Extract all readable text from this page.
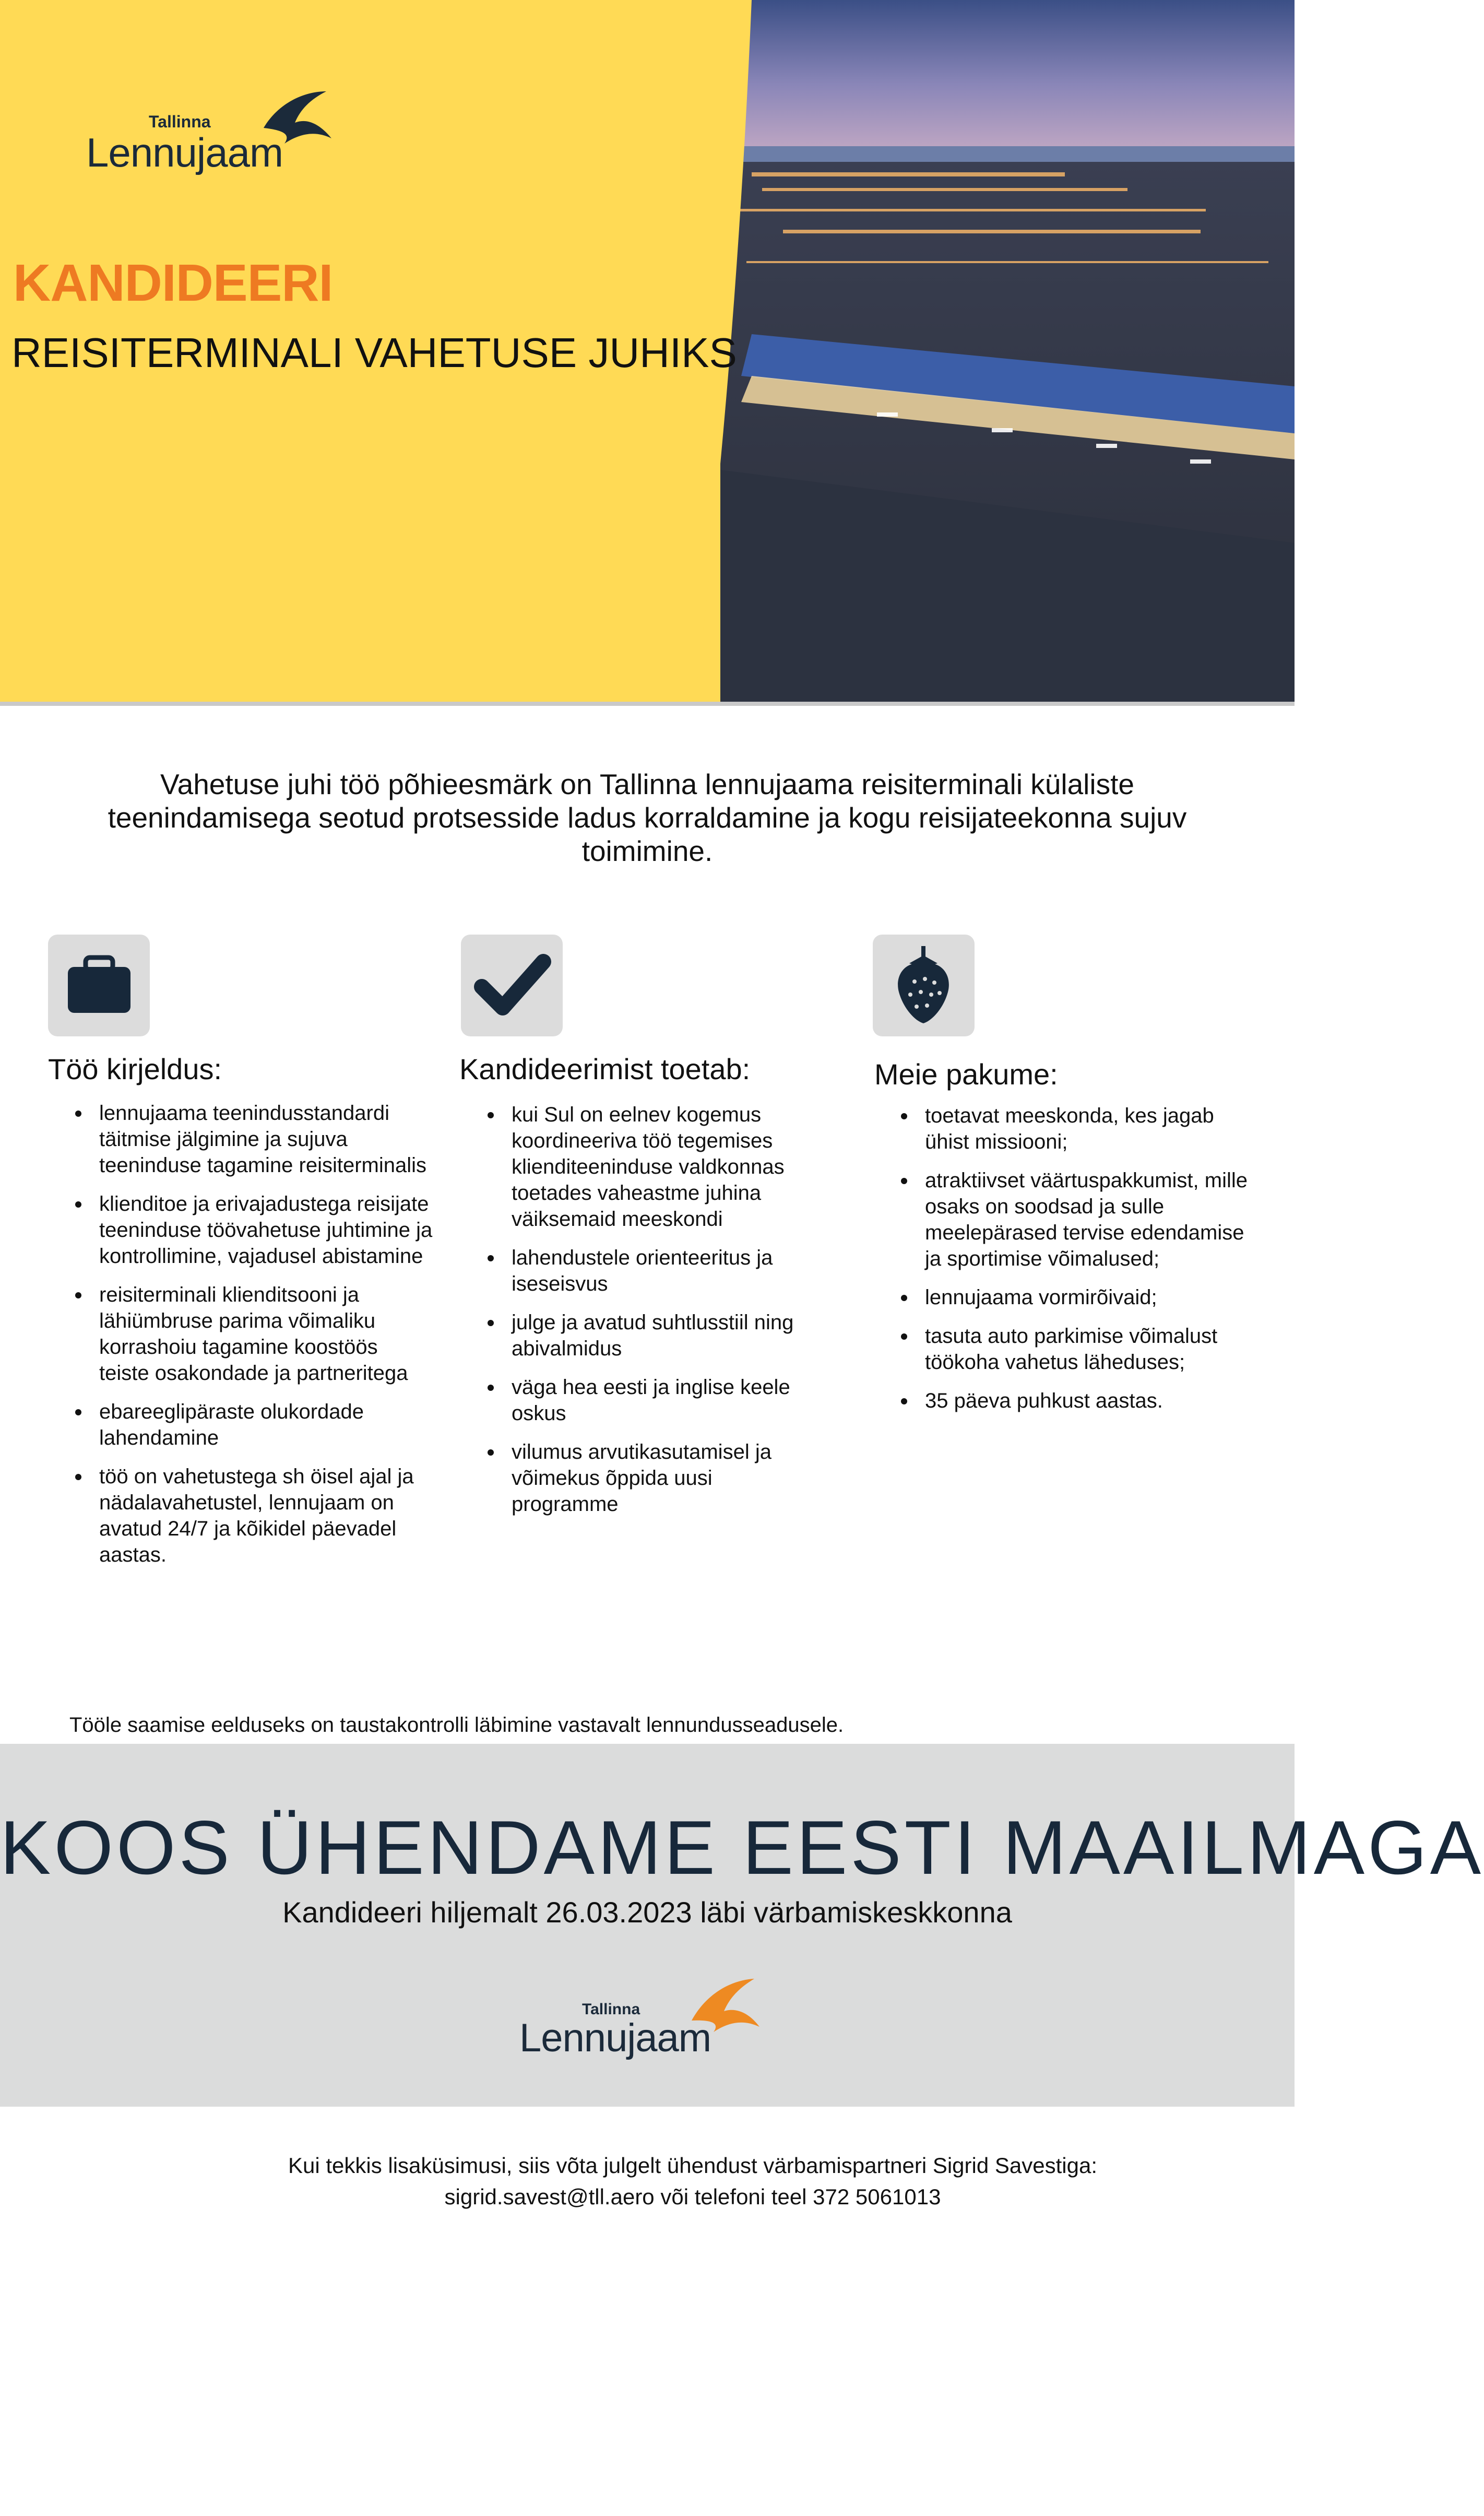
Tallinna
Lennujaam
KANDIDEERI
REISITERMINALI VAHETUSE JUHIKS
Vahetuse juhi töö põhieesmärk on Tallinna lennujaama reisiterminali külaliste teenindamisega seotud protsesside ladus korraldamine ja kogu reisijateekonna sujuv toimimine.
Töö kirjeldus:
lennujaama teenindusstandardi täitmise jälgimine ja sujuva teeninduse tagamine reisiterminalis
klienditoe ja erivajadustega reisijate teeninduse töövahetuse juhtimine ja kontrollimine, vajadusel abistamine
reisiterminali klienditsooni ja lähiümbruse parima võimaliku korrashoiu tagamine koostöös teiste osakondade ja partneritega
ebareeglipäraste olukordade lahendamine
töö on vahetustega sh öisel ajal ja nädalavahetustel, lennujaam on avatud 24/7 ja kõikidel päevadel aastas.
Kandideerimist toetab:
kui Sul on eelnev kogemus koordineeriva töö tegemises klienditeeninduse valdkonnas toetades vaheastme juhina väiksemaid meeskondi
lahendustele orienteeritus ja iseseisvus
julge ja avatud suhtlusstiil ning abivalmidus
väga hea eesti ja inglise keele oskus
vilumus arvutikasutamisel ja võimekus õppida uusi programme
Meie pakume:
toetavat meeskonda, kes jagab ühist missiooni;
atraktiivset väärtuspakkumist, mille osaks on soodsad ja sulle meelepärased tervise edendamise ja sportimise võimalused;
lennujaama vormirõivaid;
tasuta auto parkimise võimalust töökoha vahetus läheduses;
35 päeva puhkust aastas.
Tööle saamise eelduseks on taustakontrolli läbimine vastavalt lennundusseadusele.
KOOS ÜHENDAME EESTI MAAILMAGA
Kandideeri hiljemalt 26.03.2023 läbi värbamiskeskkonna
Tallinna
Lennujaam
Kui tekkis lisaküsimusi, siis võta julgelt ühendust värbamispartneri Sigrid Savestiga:
sigrid.savest@tll.aero või telefoni teel 372 5061013
